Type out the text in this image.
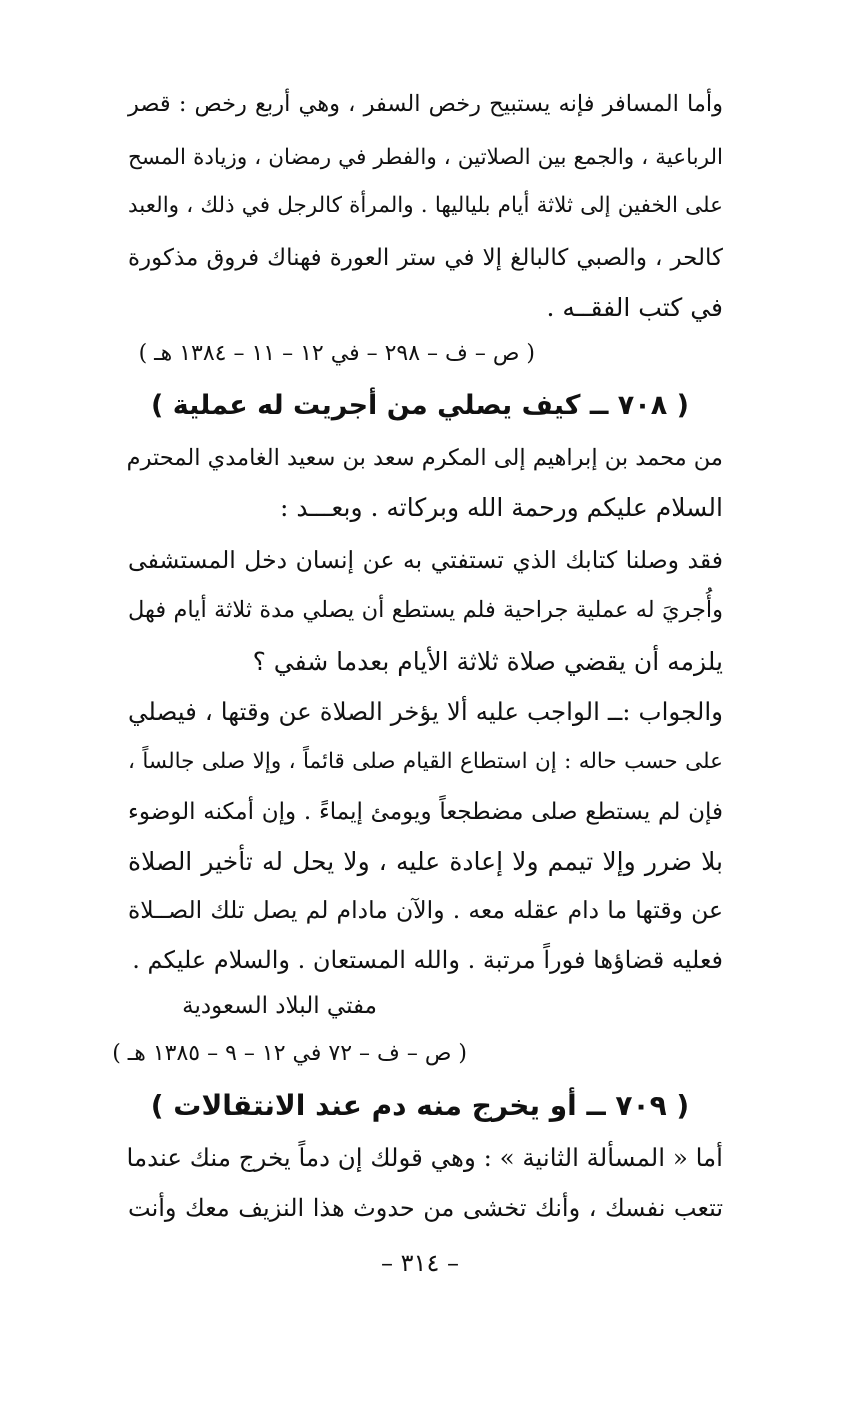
وأما المسافر فإنه يستبيح رخص السفر ، وهي أربع رخص : قصر
الرباعية ، والجمع بين الصلاتين ، والفطر في رمضان ، وزيادة المسح
على الخفين إلى ثلاثة أيام بلياليها . والمرأة كالرجل في ذلك ، والعبد
كالحر ، والصبي كالبالغ إلا في ستر العورة فهناك فروق مذكورة
في كتب الفقــه .
( ص – ف – ٢٩٨ – في ١٢ – ١١ – ١٣٨٤ هـ )
( ٧٠٨ ــ كيف يصلي من أجريت له عملية )
من محمد بن إبراهيم إلى المكرم سعد بن سعيد الغامدي المحترم
السلام عليكم ورحمة الله وبركاته . وبعـــد :
فقد وصلنا كتابك الذي تستفتي به عن إنسان دخل المستشفى
وأُجريَ له عملية جراحية فلم يستطع أن يصلي مدة ثلاثة أيام فهل
يلزمه أن يقضي صلاة ثلاثة الأيام بعدما شفي ؟
والجواب :ــ الواجب عليه ألا يؤخر الصلاة عن وقتها ، فيصلي
على حسب حاله : إن استطاع القيام صلى قائماً ، وإلا صلى جالساً ،
فإن لم يستطع صلى مضطجعاً ويومئ إيماءً . وإن أمكنه الوضوء
بلا ضرر وإلا تيمم ولا إعادة عليه ، ولا يحل له تأخير الصلاة
عن وقتها ما دام عقله معه . والآن مادام لم يصل تلك الصــلاة
فعليه قضاؤها فوراً مرتبة . والله المستعان . والسلام عليكم .
مفتي البلاد السعودية
( ص – ف – ٧٢ في ١٢ – ٩ – ١٣٨٥ هـ )
( ٧٠٩ ــ أو يخرج منه دم عند الانتقالات )
أما « المسألة الثانية » : وهي قولك إن دماً يخرج منك عندما
تتعب نفسك ، وأنك تخشى من حدوث هذا النزيف معك وأنت
– ٣١٤ –
